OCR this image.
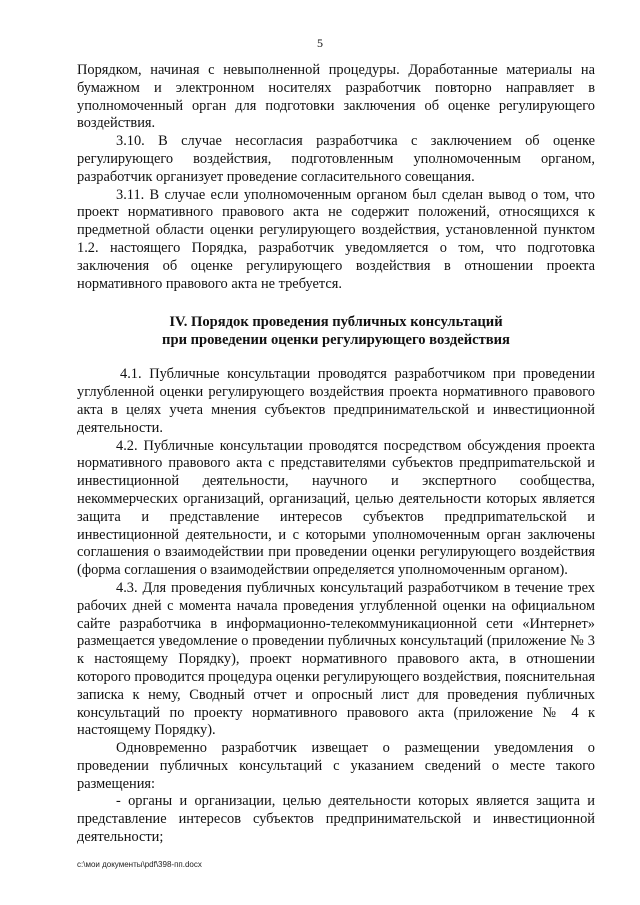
5

Порядком, начиная с невыполненной процедуры. Доработанные материалы на бумажном и электронном носителях разработчик повторно направляет в уполномоченный орган для подготовки заключения об оценке регулирующего воздействия.

3.10. В случае несогласия разработчика с заключением об оценке регулирующего воздействия, подготовленным уполномоченным органом, разработчик организует проведение согласительного совещания.

3.11. В случае если уполномоченным органом был сделан вывод о том, что проект нормативного правового акта не содержит положений, относящихся к предметной области оценки регулирующего воздействия, установленной пунктом 1.2. настоящего Порядка, разработчик уведомляется о том, что подготовка заключения об оценке регулирующего воздействия в отношении проекта нормативного правового акта не требуется.

IV. Порядок проведения публичных консультаций
при проведении оценки регулирующего воздействия

4.1. Публичные консультации проводятся разработчиком при проведении углубленной оценки регулирующего воздействия проекта нормативного правового акта в целях учета мнения субъектов предпринимательской и инвестиционной деятельности.

4.2. Публичные консультации проводятся посредством обсуждения проекта нормативного правового акта с представителями субъектов предприmательской и инвестиционной деятельности, научного и экспертного сообщества, некоммерческих организаций, организаций, целью деятельности которых является защита и представление интересов субъектов предприmательской и инвестиционной деятельности, и с которыми уполномоченным орган заключены соглашения о взаимодействии при проведении оценки регулирующего воздействия (форма соглашения о взаимодействии определяется уполномоченным органом).

4.3. Для проведения публичных консультаций разработчиком в течение трех рабочих дней с момента начала проведения углубленной оценки на официальном сайте разработчика в информационно-телекоммуникационной сети «Интернет» размещается уведомление о проведении публичных консультаций (приложение № 3 к настоящему Порядку), проект нормативного правового акта, в отношении которого проводится процедура оценки регулирующего воздействия, пояснительная записка к нему, Сводный отчет и опросный лист для проведения публичных консультаций по проекту нормативного правового акта (приложение № 4 к настоящему Порядку).

Одновременно разработчик извещает о размещении уведомления о проведении публичных консультаций с указанием сведений о месте такого размещения:

- органы и организации, целью деятельности которых является защита и представление интересов субъектов предпринимательской и инвестиционной деятельности;

c:\мои документы\pdf\398-пп.docx
